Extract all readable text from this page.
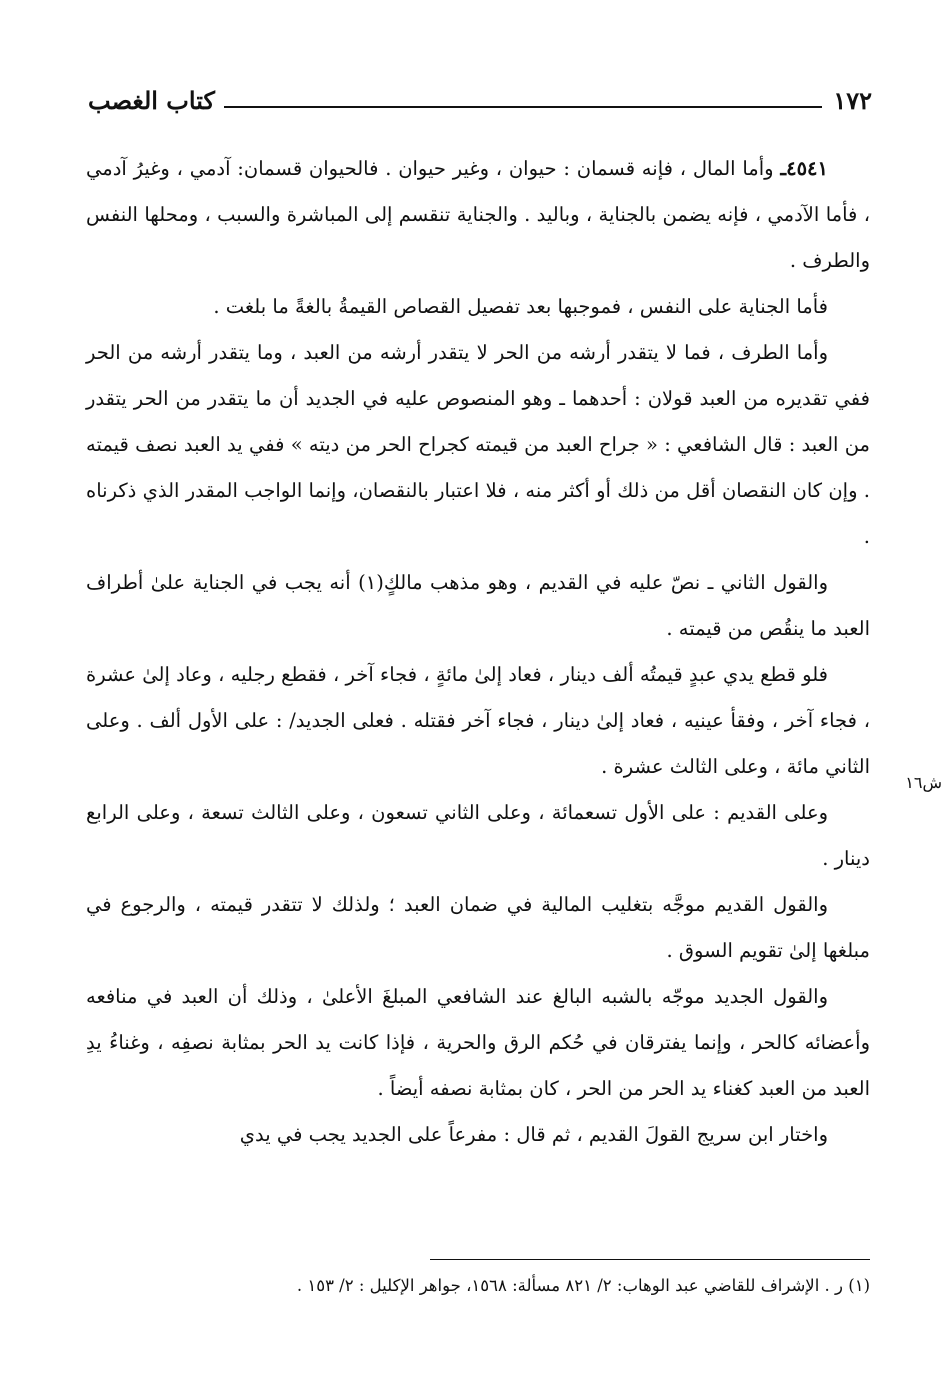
١٧٢
كتاب الغصب

٤٥٤١ـ وأما المال ، فإنه قسمان : حيوان ، وغير حيوان . فالحيوان قسمان: آدمي ، وغيرُ آدمي ، فأما الآدمي ، فإنه يضمن بالجناية ، وباليد . والجناية تنقسم إلى المباشرة والسبب ، ومحلها النفس والطرف .

فأما الجناية على النفس ، فموجبها بعد تفصيل القصاص القيمةُ بالغةً ما بلغت .

وأما الطرف ، فما لا يتقدر أرشه من الحر لا يتقدر أرشه من العبد ، وما يتقدر أرشه من الحر ففي تقديره من العبد قولان : أحدهما ـ وهو المنصوص عليه في الجديد أن ما يتقدر من الحر يتقدر من العبد : قال الشافعي : « جراح العبد من قيمته كجراح الحر من ديته » ففي يد العبد نصف قيمته . وإن كان النقصان أقل من ذلك أو أكثر منه ، فلا اعتبار بالنقصان، وإنما الواجب المقدر الذي ذكرناه .

والقول الثاني ـ نصّ عليه في القديم ، وهو مذهب مالكٍ(١) أنه يجب في الجناية علىٰ أطراف العبد ما ينقُص من قيمته .

فلو قطع يدي عبدٍ قيمتُه ألف دينار ، فعاد إلىٰ مائةٍ ، فجاء آخر ، فقطع رجليه ، وعاد إلىٰ عشرة ، فجاء آخر ، وفقأ عينيه ، فعاد إلىٰ دينار ، فجاء آخر فقتله . فعلى الجديد/ : على الأول ألف . وعلى الثاني مائة ، وعلى الثالث عشرة .

وعلى القديم : على الأول تسعمائة ، وعلى الثاني تسعون ، وعلى الثالث تسعة ، وعلى الرابع دينار .

والقول القديم موجَّه بتغليب المالية في ضمان العبد ؛ ولذلك لا تتقدر قيمته ، والرجوع في مبلغها إلىٰ تقويم السوق .

والقول الجديد موجّه بالشبه البالغ عند الشافعي المبلغَ الأعلىٰ ، وذلك أن العبد في منافعه وأعضائه كالحر ، وإنما يفترقان في حُكم الرق والحرية ، فإذا كانت يد الحر بمثابة نصفِه ، وغناءُ يدِ العبد من العبد كغناء يد الحر من الحر ، كان بمثابة نصفه أيضاً .

واختار ابن سريج القولَ القديم ، ثم قال : مفرعاً على الجديد يجب في يدي

ش١٦
(١) ر . الإشراف للقاضي عبد الوهاب: ٢/ ٨٢١ مسألة: ١٥٦٨، جواهر الإكليل : ٢/ ١٥٣ .
